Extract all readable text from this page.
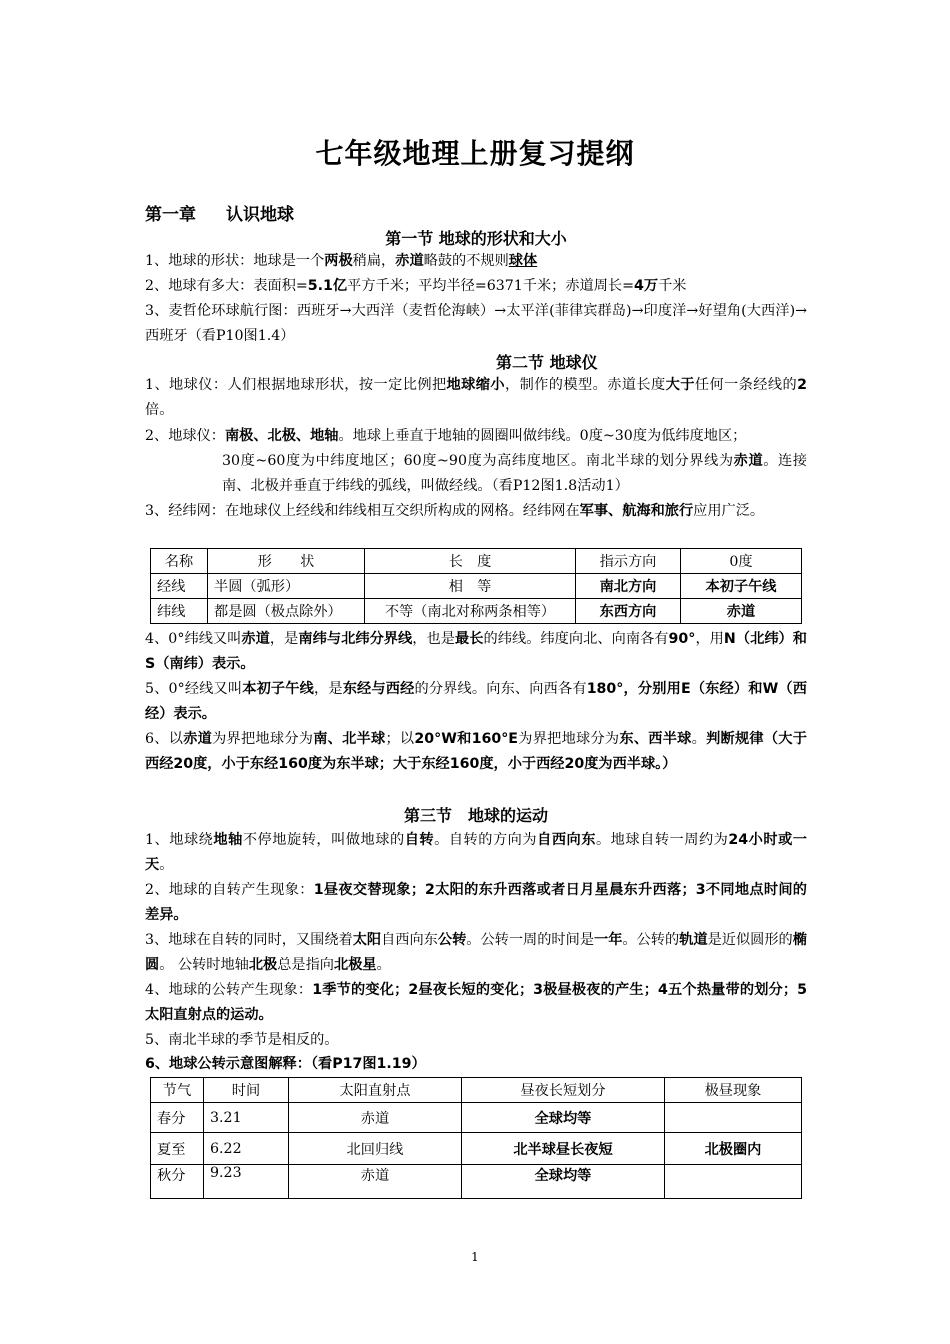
七年级地理上册复习提纲
第一章 认识地球
第一节 地球的形状和大小
1、地球的形状：地球是一个两极稍扁，赤道略鼓的不规则球体
2、地球有多大：表面积=5.1亿平方千米；平均半径=6371千米；赤道周长=4万千米
3、麦哲伦环球航行图：西班牙→大西洋（麦哲伦海峡）→太平洋(菲律宾群岛)→印度洋→好望角(大西洋)→西班牙（看P10图1.4）
第二节 地球仪
1、地球仪：人们根据地球形状，按一定比例把地球缩小，制作的模型。赤道长度大于任何一条经线的2倍。
2、地球仪：南极、北极、地轴。地球上垂直于地轴的圆圈叫做纬线。0度~30度为低纬度地区；
30度~60度为中纬度地区；60度~90度为高纬度地区。南北半球的划分界线为赤道。连接南、北极并垂直于纬线的弧线，叫做经线。（看P12图1.8活动1）
3、经纬网：在地球仪上经线和纬线相互交织所构成的网格。经纬网在军事、航海和旅行应用广泛。
名称	形　　状	长　度	指示方向	0度
经线	半圆（弧形）	相　等	南北方向	本初子午线
纬线	都是圆（极点除外）	不等（南北对称两条相等）	东西方向	赤道
4、0°纬线又叫赤道，是南纬与北纬分界线，也是最长的纬线。纬度向北、向南各有90°，用N（北纬）和S（南纬）表示。
5、0°经线又叫本初子午线，是东经与西经的分界线。向东、向西各有180°，分别用E（东经）和W（西经）表示。
6、以赤道为界把地球分为南、北半球；以20°W和160°E为界把地球分为东、西半球。判断规律（大于西经20度，小于东经160度为东半球；大于东经160度，小于西经20度为西半球。）
第三节　地球的运动
1、地球绕地轴不停地旋转，叫做地球的自转。自转的方向为自西向东。地球自转一周约为24小时或一天。
2、地球的自转产生现象：1昼夜交替现象；2太阳的东升西落或者日月星晨东升西落；3不同地点时间的差异。
3、地球在自转的同时，又围绕着太阳自西向东公转。公转一周的时间是一年。公转的轨道是近似圆形的椭圆。 公转时地轴北极总是指向北极星。
4、地球的公转产生现象：1季节的变化；2昼夜长短的变化；3极昼极夜的产生；4五个热量带的划分；5太阳直射点的运动。
5、南北半球的季节是相反的。
6、地球公转示意图解释：（看P17图1.19）
节气	时间	太阳直射点	昼夜长短划分	极昼现象
春分	3.21	赤道	全球均等	
夏至	6.22	北回归线	北半球昼长夜短	北极圈内
秋分	9.23	赤道	全球均等	
1
